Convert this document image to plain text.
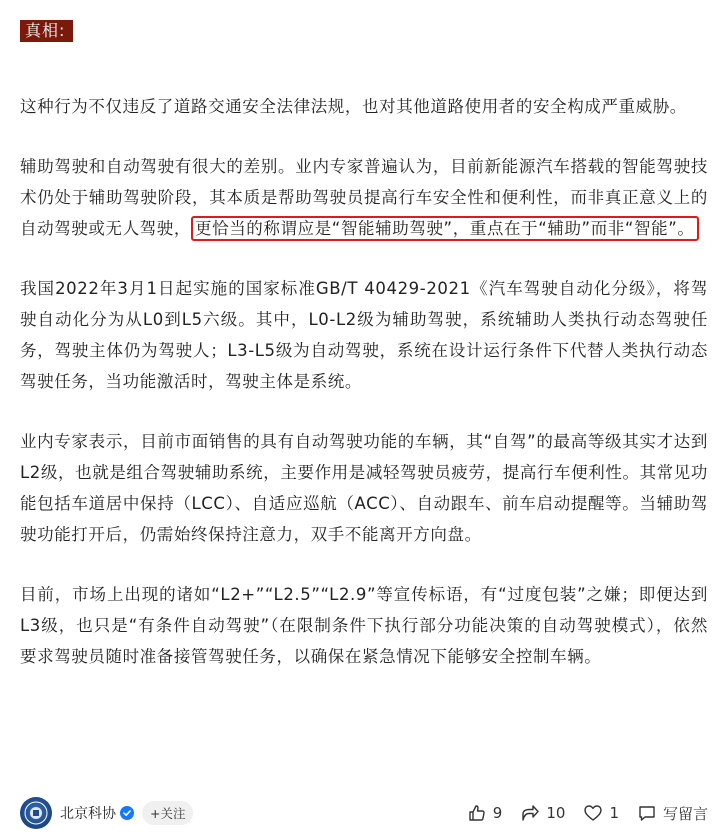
真相:

这种行为不仅违反了道路交通安全法律法规，也对其他道路使用者的安全构成严重威胁。

辅助驾驶和自动驾驶有很大的差别。业内专家普遍认为，目前新能源汽车搭载的智能驾驶技术仍处于辅助驾驶阶段，其本质是帮助驾驶员提高行车安全性和便利性，而非真正意义上的自动驾驶或无人驾驶， 更恰当的称谓应是“智能辅助驾驶”，重点在于“辅助”而非“智能”。

我国2022年3月1日起实施的国家标准GB/T 40429-2021《汽车驾驶自动化分级》，将驾驶自动化分为从L0到L5六级。其中，L0-L2级为辅助驾驶，系统辅助人类执行动态驾驶任务，驾驶主体仍为驾驶人；L3-L5级为自动驾驶，系统在设计运行条件下代替人类执行动态驾驶任务，当功能激活时，驾驶主体是系统。

业内专家表示，目前市面销售的具有自动驾驶功能的车辆，其“自驾”的最高等级其实才达到L2级，也就是组合驾驶辅助系统，主要作用是减轻驾驶员疲劳，提高行车便利性。其常见功能包括车道居中保持（LCC）、自适应巡航（ACC）、自动跟车、前车启动提醒等。当辅助驾驶功能打开后，仍需始终保持注意力，双手不能离开方向盘。

目前，市场上出现的诸如“L2+”“L2.5”“L2.9”等宣传标语，有“过度包装”之嫌；即便达到L3级，也只是“有条件自动驾驶”（在限制条件下执行部分功能决策的自动驾驶模式），依然要求驾驶员随时准备接管驾驶任务，以确保在紧急情况下能够安全控制车辆。

北京科协	+关注	9	10	1	写留言
